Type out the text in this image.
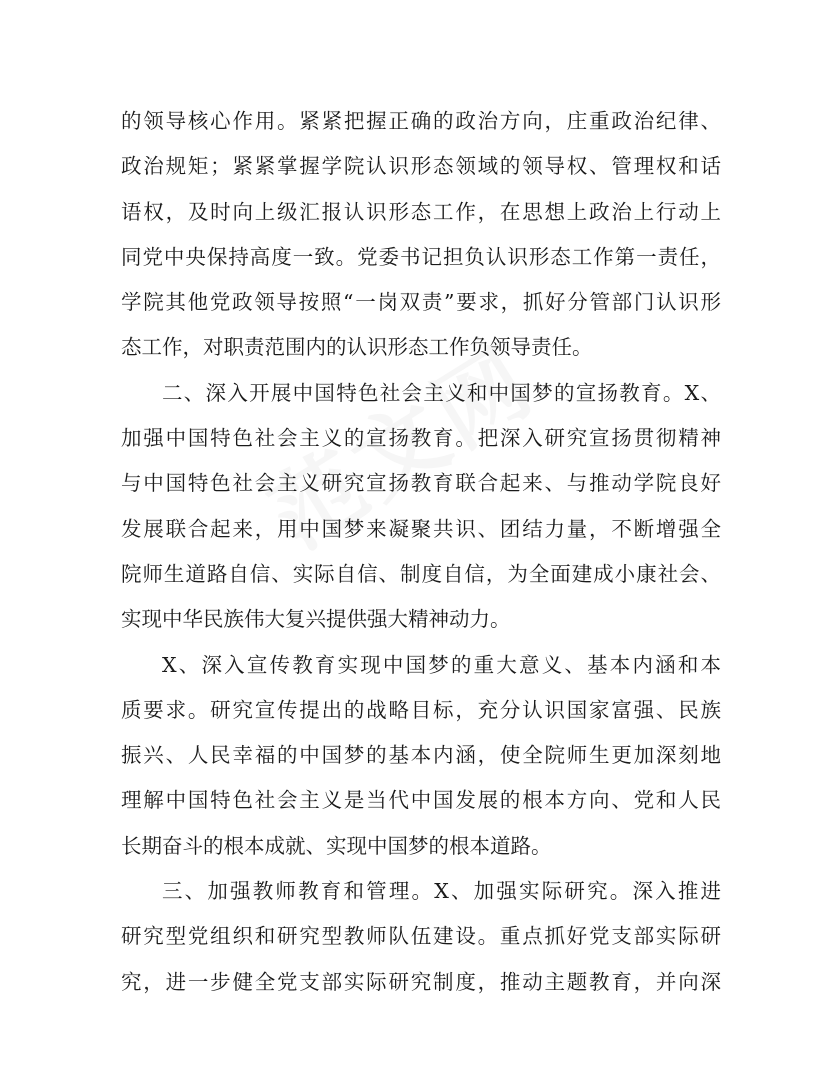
的领导核心作用。紧紧把握正确的政治方向，庄重政治纪律、
政治规矩；紧紧掌握学院认识形态领域的领导权、管理权和话
语权，及时向上级汇报认识形态工作，在思想上政治上行动上
同党中央保持高度一致。党委书记担负认识形态工作第一责任，
学院其他党政领导按照“一岗双责”要求，抓好分管部门认识形
态工作，对职责范围内的认识形态工作负领导责任。
二、深入开展中国特色社会主义和中国梦的宣扬教育。X、
加强中国特色社会主义的宣扬教育。把深入研究宣扬贯彻精神
与中国特色社会主义研究宣扬教育联合起来、与推动学院良好
发展联合起来，用中国梦来凝聚共识、团结力量，不断增强全
院师生道路自信、实际自信、制度自信，为全面建成小康社会、
实现中华民族伟大复兴提供强大精神动力。
X、深入宣传教育实现中国梦的重大意义、基本内涵和本
质要求。研究宣传提出的战略目标，充分认识国家富强、民族
振兴、人民幸福的中国梦的基本内涵，使全院师生更加深刻地
理解中国特色社会主义是当代中国发展的根本方向、党和人民
长期奋斗的根本成就、实现中国梦的根本道路。
三、加强教师教育和管理。X、加强实际研究。深入推进
研究型党组织和研究型教师队伍建设。重点抓好党支部实际研
究，进一步健全党支部实际研究制度，推动主题教育，并向深
